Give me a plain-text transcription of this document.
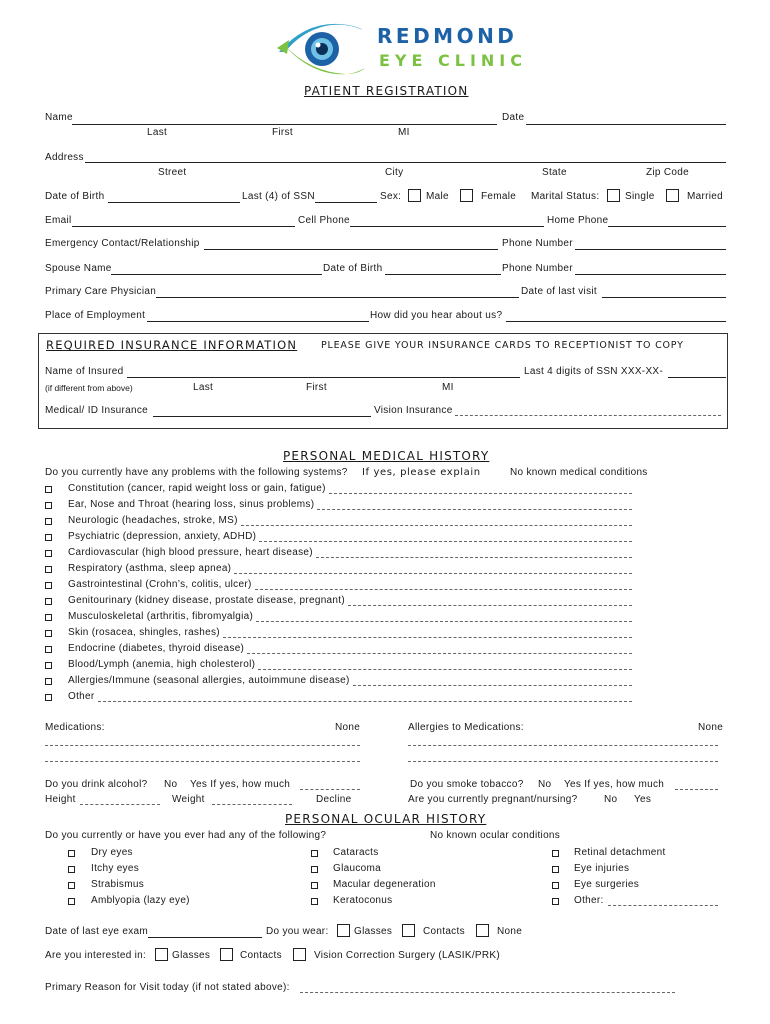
REDMOND
EYE CLINIC
PATIENT REGISTRATION
Name	Date
Last	First	MI
Address
Street	City	State	Zip Code
Date of Birth	Last (4) of SSN	Sex: Male	Female Marital Status:	Single	Married
Email	Cell Phone	Home Phone
Emergency Contact/Relationship	Phone Number
Spouse Name	Date of Birth	Phone Number
Primary Care Physician	Date of last visit
Place of Employment	How did you hear about us?
REQUIRED INSURANCE INFORMATION	PLEASE GIVE YOUR INSURANCE CARDS TO RECEPTIONIST TO COPY
Name of Insured	Last 4 digits of SSN XXX-XX-
(if different from above)	Last	First	MI
Medical/ ID Insurance	Vision Insurance
PERSONAL MEDICAL HISTORY
Do you currently have any problems with the following systems? If yes, please explain	No known medical conditions
Constitution (cancer, rapid weight loss or gain, fatigue)
Ear, Nose and Throat (hearing loss, sinus problems)
Neurologic (headaches, stroke, MS)
Psychiatric (depression, anxiety, ADHD)
Cardiovascular (high blood pressure, heart disease)
Respiratory (asthma, sleep apnea)
Gastrointestinal (Crohn’s, colitis, ulcer)
Genitourinary (kidney disease, prostate disease, pregnant)
Musculoskeletal (arthritis, fibromyalgia)
Skin (rosacea, shingles, rashes)
Endocrine (diabetes, thyroid disease)
Blood/Lymph (anemia, high cholesterol)
Allergies/Immune (seasonal allergies, autoimmune disease)
Other
Medications:	None	Allergies to Medications:	None
Do you drink alcohol? No Yes If yes, how much	Do you smoke tobacco? No Yes If yes, how much
Height	Weight	Decline	Are you currently pregnant/nursing?	No Yes
PERSONAL OCULAR HISTORY
Do you currently or have you ever had any of the following?	No known ocular conditions
Dry eyes
Itchy eyes
Strabismus
Amblyopia (lazy eye)
Cataracts
Glaucoma
Macular degeneration
Keratoconus
Retinal detachment
Eye injuries
Eye surgeries
Other:
Date of last eye exam	Do you wear:	Glasses	Contacts	None
Are you interested in:	Glasses	Contacts	Vision Correction Surgery (LASIK/PRK)
Primary Reason for Visit today (if not stated above):
